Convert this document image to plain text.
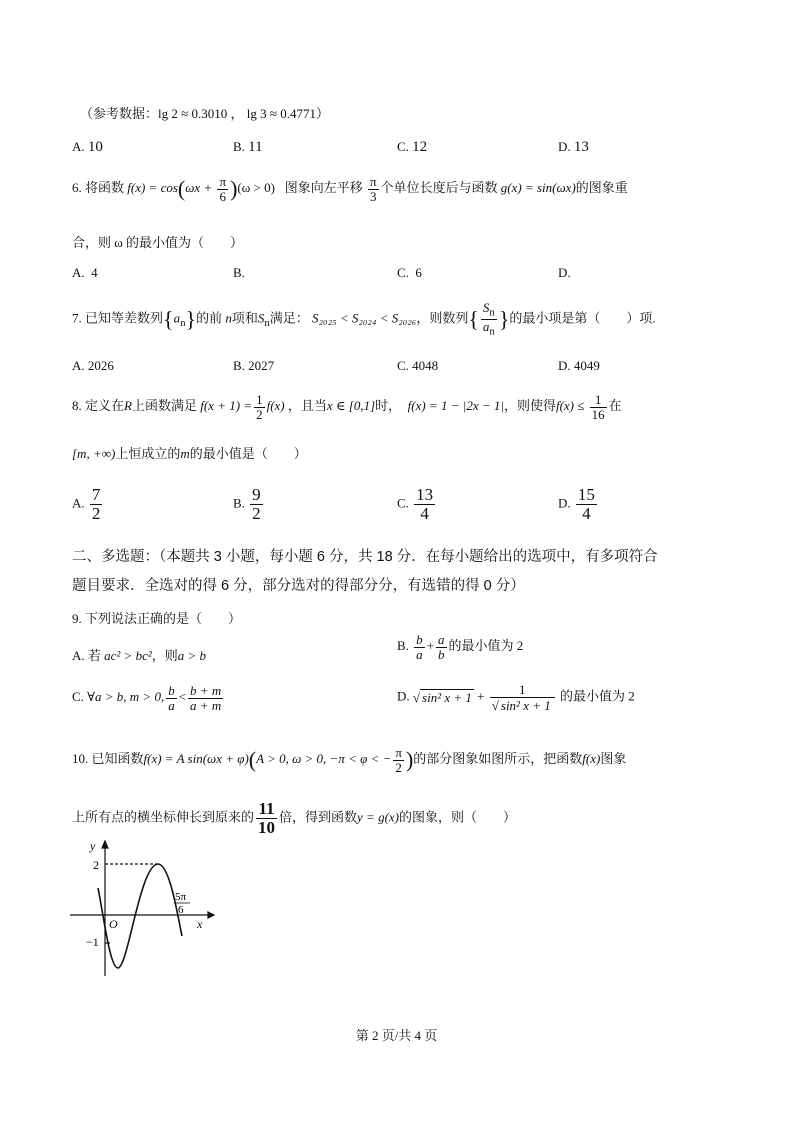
（参考数据：lg 2 ≈ 0.3010 ， lg 3 ≈ 0.4771）
A. 10	B. 11	C. 12	D. 13
6. 将函数 $f(x) = \cos(\omega x + \frac{\pi}{6} )(\omega > 0)$ 图象向左平移 $\frac{\pi}{3}$ 个单位长度后与函数 g(x) = sin(ωx)的图象重
合，则 ω 的最小值为（　　）
A. 4	B.	C. 6	D.
7. 已知等差数列$\{a_n\}$的前 n项和$S_n$满足： S₂₀₂₅ < S₂₀₂₄ < S₂₀₂₆，则数列{ $\frac{S_n}{a_n}$ }的最小项是第（　　）项.
A. 2026	B. 2027	C. 4048	D. 4049
8. 定义在R上函数满足 $f(x + 1) = \frac{1}{2} f(x)$ ，且当x ∈ [0,1]时， f(x) = 1 − |2x − 1|，则使得$f(x) \le \frac{1}{16}$ 在
[m, +∞)上恒成立的m的最小值是（　　）
A. $\frac{7}{2}$	B. $\frac{9}{2}$	C. $\frac{13}{4}$	D. $\frac{15}{4}$
二、多选题：（本题共 3 小题，每小题 6 分，共 18 分．在每小题给出的选项中，有多项符合
题目要求．全选对的得 6 分，部分选对的得部分分，有选错的得 0 分）
9. 下列说法正确的是（　　）
A. 若 ac² > bc²，则a > b
B. $\frac{b}{a} + \frac{a}{b}$ 的最小值为 2
C. ∀a > b, m > 0, $\frac{b}{a} < \frac{b + m}{a + m}$	D. √ sin² $x + 1 + \frac{1}{\text{√ sin² x + 1}}$ 的最小值为 2
10. 已知函数f(x) = A sin(ωx + φ)(A > 0, ω > 0, −π < φ < − $\frac{\pi}{2}$ )的部分图象如图所示，把函数f(x)图象
上所有点的横坐标伸长到原来的 $\frac{11}{10}$ 倍，得到函数y = g(x)的图象，则（　　）
y
x
O
2
−1
5π
6
第 2 页/共 4 页
